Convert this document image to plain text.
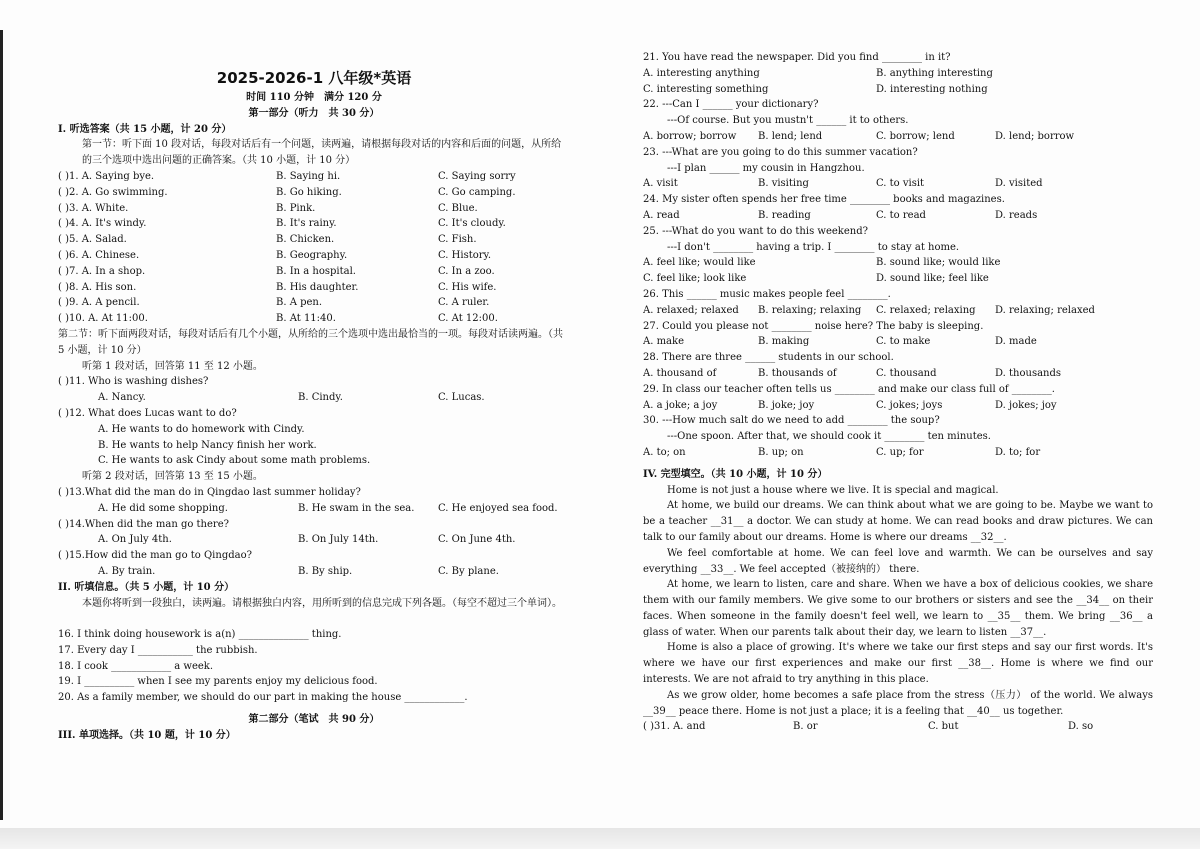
2025-2026-1 八年级*英语
时间 110 分钟　满分 120 分
第一部分（听力　共 30 分）
I. 听选答案（共 15 小题，计 20 分）
第一节：听下面 10 段对话，每段对话后有一个问题，读两遍，请根据每段对话的内容和后面的问题，从所给的三个选项中选出问题的正确答案。（共 10 小题，计 10 分）
( )1. A. Saying bye.	B. Saying hi.	C. Saying sorry
( )2. A. Go swimming.	B. Go hiking.	C. Go camping.
( )3. A. White.	B. Pink.	C. Blue.
( )4. A. It's windy.	B. It's rainy.	C. It's cloudy.
( )5. A. Salad.	B. Chicken.	C. Fish.
( )6. A. Chinese.	B. Geography.	C. History.
( )7. A. In a shop.	B. In a hospital.	C. In a zoo.
( )8. A. His son.	B. His daughter.	C. His wife.
( )9. A. A pencil.	B. A pen.	C. A ruler.
( )10. A. At 11:00.	B. At 11:40.	C. At 12:00.
第二节：听下面两段对话，每段对话后有几个小题，从所给的三个选项中选出最恰当的一项。每段对话读两遍。（共 5 小题，计 10 分）
听第 1 段对话，回答第 11 至 12 小题。
( )11. Who is washing dishes?
A. Nancy.	B. Cindy.	C. Lucas.
( )12. What does Lucas want to do?
A. He wants to do homework with Cindy.
B. He wants to help Nancy finish her work.
C. He wants to ask Cindy about some math problems.
听第 2 段对话，回答第 13 至 15 小题。
( )13.What did the man do in Qingdao last summer holiday?
A. He did some shopping.	B. He swam in the sea. C. He enjoyed sea food.
( )14.When did the man go there?
A. On July 4th.	B. On July 14th.	C. On June 4th.
( )15.How did the man go to Qingdao?
A. By train.	B. By ship.	C. By plane.
II. 听填信息。（共 5 小题，计 10 分）
本题你将听到一段独白，读两遍。请根据独白内容，用所听到的信息完成下列各题。（每空不超过三个单词）。
16. I think doing housework is a(n) ______________ thing.
17. Every day I ___________ the rubbish.
18. I cook ____________ a week.
19. I __________ when I see my parents enjoy my delicious food.
20. As a family member, we should do our part in making the house ____________.
第二部分（笔试　共 90 分）
III. 单项选择。（共 10 题，计 10 分）
21. You have read the newspaper. Did you find ________ in it?
A. interesting anything	B. anything interesting
C. interesting something	D. interesting nothing
22. ---Can I ______ your dictionary?
---Of course. But you mustn't ______ it to others.
A. borrow; borrow B. lend; lend	C. borrow; lend	D. lend; borrow
23. ---What are you going to do this summer vacation?
---I plan ______ my cousin in Hangzhou.
A. visit	B. visiting	C. to visit	D. visited
24. My sister often spends her free time ________ books and magazines.
A. read	B. reading	C. to read	D. reads
25. ---What do you want to do this weekend?
---I don't ________ having a trip. I ________ to stay at home.
A. feel like; would like	B. sound like; would like
C. feel like; look like	D. sound like; feel like
26. This ______ music makes people feel ________.
A. relaxed; relaxed B. relaxing; relaxing C. relaxed; relaxing D. relaxing; relaxed
27. Could you please not ________ noise here? The baby is sleeping.
A. make	B. making	C. to make	D. made
28. There are three ______ students in our school.
A. thousand of	B. thousands of	C. thousand	D. thousands
29. In class our teacher often tells us ________ and make our class full of ________.
A. a joke; a joy	B. joke; joy	C. jokes; joys	D. jokes; joy
30. ---How much salt do we need to add ________ the soup?
---One spoon. After that, we should cook it ________ ten minutes.
A. to; on	B. up; on	C. up; for	D. to; for
IV. 完型填空。（共 10 小题，计 10 分）
Home is not just a house where we live. It is special and magical.
At home, we build our dreams. We can think about what we are going to be. Maybe we want to be a teacher __31__ a doctor. We can study at home. We can read books and draw pictures. We can talk to our family about our dreams. Home is where our dreams __32__.
We feel comfortable at home. We can feel love and warmth. We can be ourselves and say everything __33__. We feel accepted（被接纳的） there.
At home, we learn to listen, care and share. When we have a box of delicious cookies, we share them with our family members. We give some to our brothers or sisters and see the __34__ on their faces. When someone in the family doesn't feel well, we learn to __35__ them. We bring __36__ a glass of water. When our parents talk about their day, we learn to listen __37__.
Home is also a place of growing. It's where we take our first steps and say our first words. It's where we have our first experiences and make our first __38__. Home is where we find our interests. We are not afraid to try anything in this place.
As we grow older, home becomes a safe place from the stress（压力） of the world. We always __39__ peace there. Home is not just a place; it is a feeling that __40__ us together.
( )31. A. and	B. or	C. but	D. so
